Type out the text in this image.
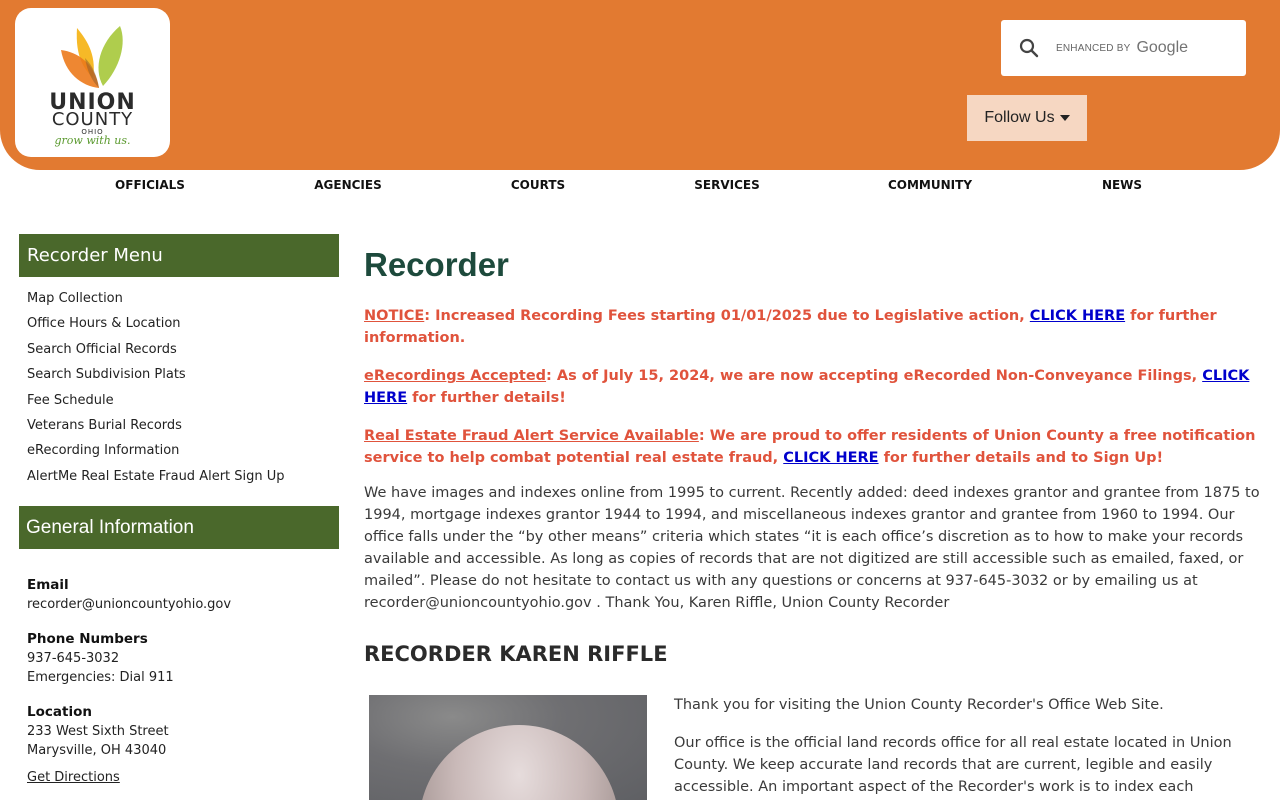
UNION
COUNTY
OHIO
grow with us.
ENHANCED BY Google
Follow Us
OFFICIALS	AGENCIES	COURTS	SERVICES	COMMUNITY	NEWS
Recorder Menu
Map Collection
Office Hours & Location
Search Official Records
Search Subdivision Plats
Fee Schedule
Veterans Burial Records
eRecording Information
AlertMe Real Estate Fraud Alert Sign Up
General Information
Email
recorder@unioncountyohio.gov
Phone Numbers
937-645-3032
Emergencies: Dial 911
Location
233 West Sixth Street
Marysville, OH 43040
Get Directions
Recorder

NOTICE: Increased Recording Fees starting 01/01/2025 due to Legislative action, CLICK HERE for further information.

eRecordings Accepted: As of July 15, 2024, we are now accepting eRecorded Non-Conveyance Filings, CLICK HERE for further details!

Real Estate Fraud Alert Service Available: We are proud to offer residents of Union County a free notification service to help combat potential real estate fraud, CLICK HERE for further details and to Sign Up!

We have images and indexes online from 1995 to current. Recently added: deed indexes grantor and grantee from 1875 to 1994, mortgage indexes grantor 1944 to 1994, and miscellaneous indexes grantor and grantee from 1960 to 1994. Our office falls under the “by other means” criteria which states “it is each office’s discretion as to how to make your records available and accessible. As long as copies of records that are not digitized are still accessible such as emailed, faxed, or mailed”. Please do not hesitate to contact us with any questions or concerns at 937-645-3032 or by emailing us at recorder@unioncountyohio.gov . Thank You, Karen Riffle, Union County Recorder

RECORDER KAREN RIFFLE

Thank you for visiting the Union County Recorder's Office Web Site.

Our office is the official land records office for all real estate located in Union County. We keep accurate land records that are current, legible and easily accessible. An important aspect of the Recorder's work is to index each
